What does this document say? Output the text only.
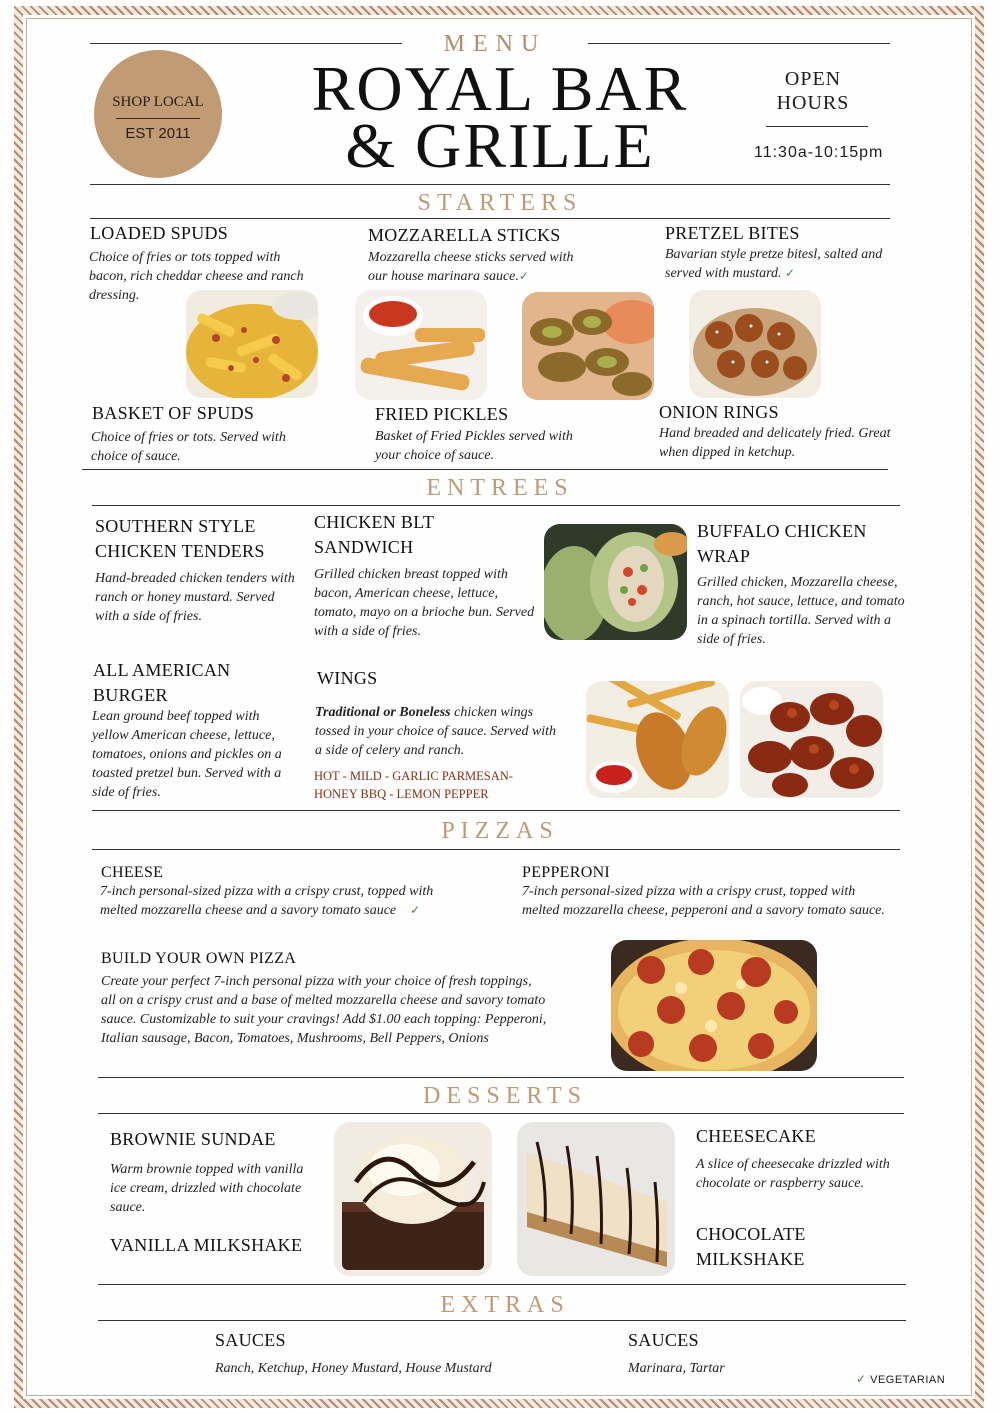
MENU
ROYAL BAR
& GRILLE
SHOP LOCAL
EST 2011
OPEN
HOURS
11:30a-10:15pm
STARTERS
LOADED SPUDS
Choice of fries or tots topped with bacon, rich cheddar cheese and ranch dressing.
MOZZARELLA STICKS
Mozzarella cheese sticks served with our house marinara sauce.✓
PRETZEL BITES
Bavarian style pretze bitesl, salted and served with mustard. ✓
BASKET OF SPUDS
Choice of fries or tots. Served with choice of sauce.
FRIED PICKLES
Basket of Fried Pickles served with your choice of sauce.
ONION RINGS
Hand breaded and delicately fried. Great when dipped in ketchup.
ENTREES
SOUTHERN STYLE
CHICKEN TENDERS
Hand-breaded chicken tenders with ranch or honey mustard. Served with a side of fries.
CHICKEN BLT
SANDWICH
Grilled chicken breast topped with bacon, American cheese, lettuce, tomato, mayo on a brioche bun. Served with a side of fries.
BUFFALO CHICKEN
WRAP
Grilled chicken, Mozzarella cheese, ranch, hot sauce, lettuce, and tomato in a spinach tortilla. Served with a side of fries.
ALL AMERICAN
BURGER
Lean ground beef topped with yellow American cheese, lettuce, tomatoes, onions and pickles on a toasted pretzel bun. Served with a side of fries.
WINGS
Traditional or Boneless chicken wings tossed in your choice of sauce. Served with a side of celery and ranch.
HOT - MILD - GARLIC PARMESAN-
HONEY BBQ - LEMON PEPPER
PIZZAS
CHEESE
7-inch personal-sized pizza with a crispy crust, topped with melted mozzarella cheese and a savory tomato sauce ✓
PEPPERONI
7-inch personal-sized pizza with a crispy crust, topped with melted mozzarella cheese, pepperoni and a savory tomato sauce.
BUILD YOUR OWN PIZZA
Create your perfect 7-inch personal pizza with your choice of fresh toppings, all on a crispy crust and a base of melted mozzarella cheese and savory tomato sauce. Customizable to suit your cravings! Add $1.00 each topping: Pepperoni, Italian sausage, Bacon, Tomatoes, Mushrooms, Bell Peppers, Onions
DESSERTS
BROWNIE SUNDAE
Warm brownie topped with vanilla ice cream, drizzled with chocolate sauce.
VANILLA MILKSHAKE
CHEESECAKE
A slice of cheesecake drizzled with chocolate or raspberry sauce.
CHOCOLATE
MILKSHAKE
EXTRAS
SAUCES
Ranch, Ketchup, Honey Mustard, House Mustard
SAUCES
Marinara, Tartar
✓ VEGETARIAN
